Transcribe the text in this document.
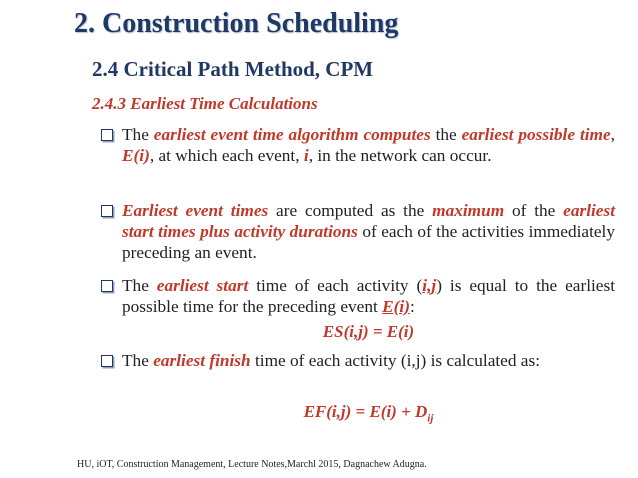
2. Construction Scheduling
2.4 Critical Path Method, CPM
2.4.3 Earliest Time Calculations
The earliest event time algorithm computes the earliest possible time, E(i), at which each event, i, in the network can occur.
Earliest event times are computed as the maximum of the earliest start times plus activity durations of each of the activities immediately preceding an event.
The earliest start time of each activity (i,j) is equal to the earliest possible time for the preceding event E(i):
ES(i,j) = E(i)
The earliest finish time of each activity (i,j) is calculated as:
$EF(i,j) = E(i) + D_{ij}$
HU, iOT, Construction Management, Lecture Notes,Marchl 2015, Dagnachew Adugna.
